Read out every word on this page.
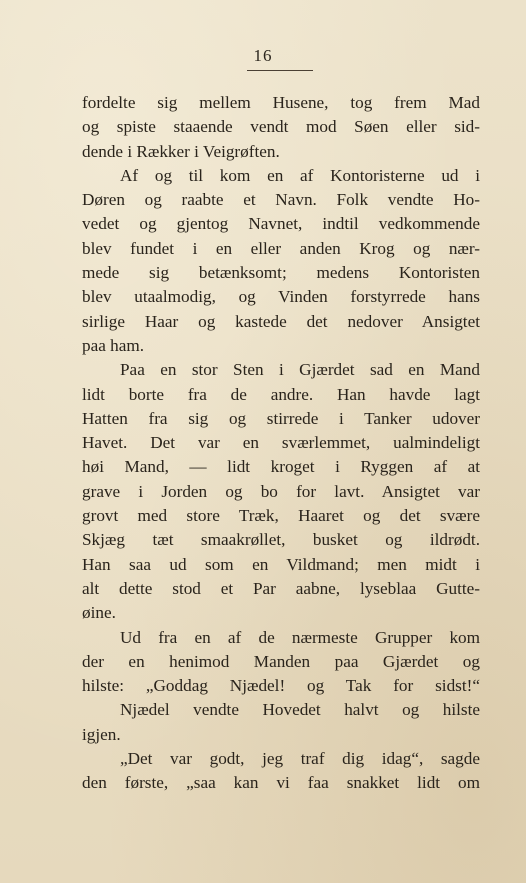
16
fordelte sig mellem Husene, tog frem Mad
og spiste staaende vendt mod Søen eller sid-
dende i Rækker i Veigrøften.
Af og til kom en af Kontoristerne ud i
Døren og raabte et Navn. Folk vendte Ho-
vedet og gjentog Navnet, indtil vedkommende
blev fundet i en eller anden Krog og nær-
mede sig betænksomt; medens Kontoristen
blev utaalmodig, og Vinden forstyrrede hans
sirlige Haar og kastede det nedover Ansigtet
paa ham.
Paa en stor Sten i Gjærdet sad en Mand
lidt borte fra de andre. Han havde lagt
Hatten fra sig og stirrede i Tanker udover
Havet. Det var en sværlemmet, ualmindeligt
høi Mand, — lidt kroget i Ryggen af at
grave i Jorden og bo for lavt. Ansigtet var
grovt med store Træk, Haaret og det svære
Skjæg tæt smaakrøllet, busket og ildrødt.
Han saa ud som en Vildmand; men midt i
alt dette stod et Par aabne, lyseblaa Gutte-
øine.
Ud fra en af de nærmeste Grupper kom
der en henimod Manden paa Gjærdet og
hilste: „Goddag Njædel! og Tak for sidst!“
Njædel vendte Hovedet halvt og hilste
igjen.
„Det var godt, jeg traf dig idag“, sagde
den første, „saa kan vi faa snakket lidt om
